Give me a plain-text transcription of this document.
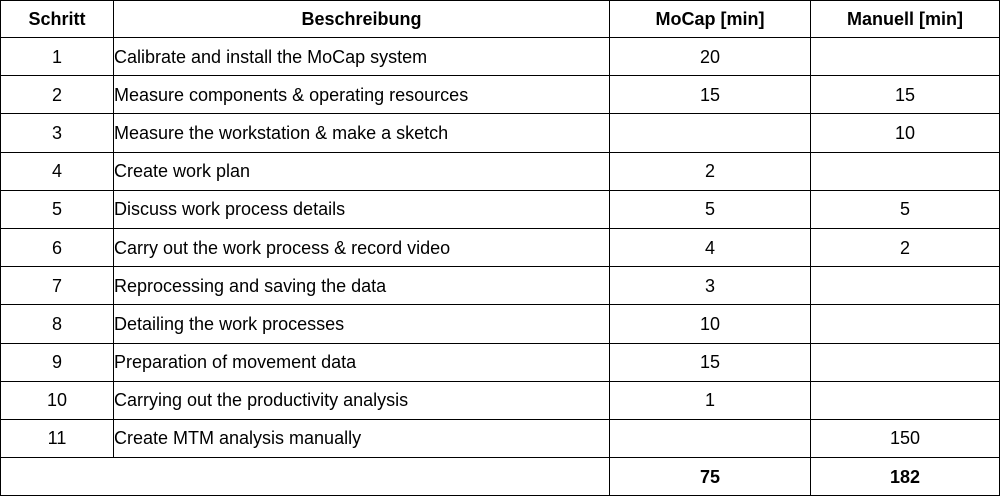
Schritt	Beschreibung	MoCap [min]	Manuell [min]
1	Calibrate and install the MoCap system	20	
2	Measure components & operating resources	15	15
3	Measure the workstation & make a sketch		10
4	Create work plan	2	
5	Discuss work process details	5	5
6	Carry out the work process & record video	4	2
7	Reprocessing and saving the data	3	
8	Detailing the work processes	10	
9	Preparation of movement data	15	
10	Carrying out the productivity analysis	1	
11	Create MTM analysis manually		150
		75	182
